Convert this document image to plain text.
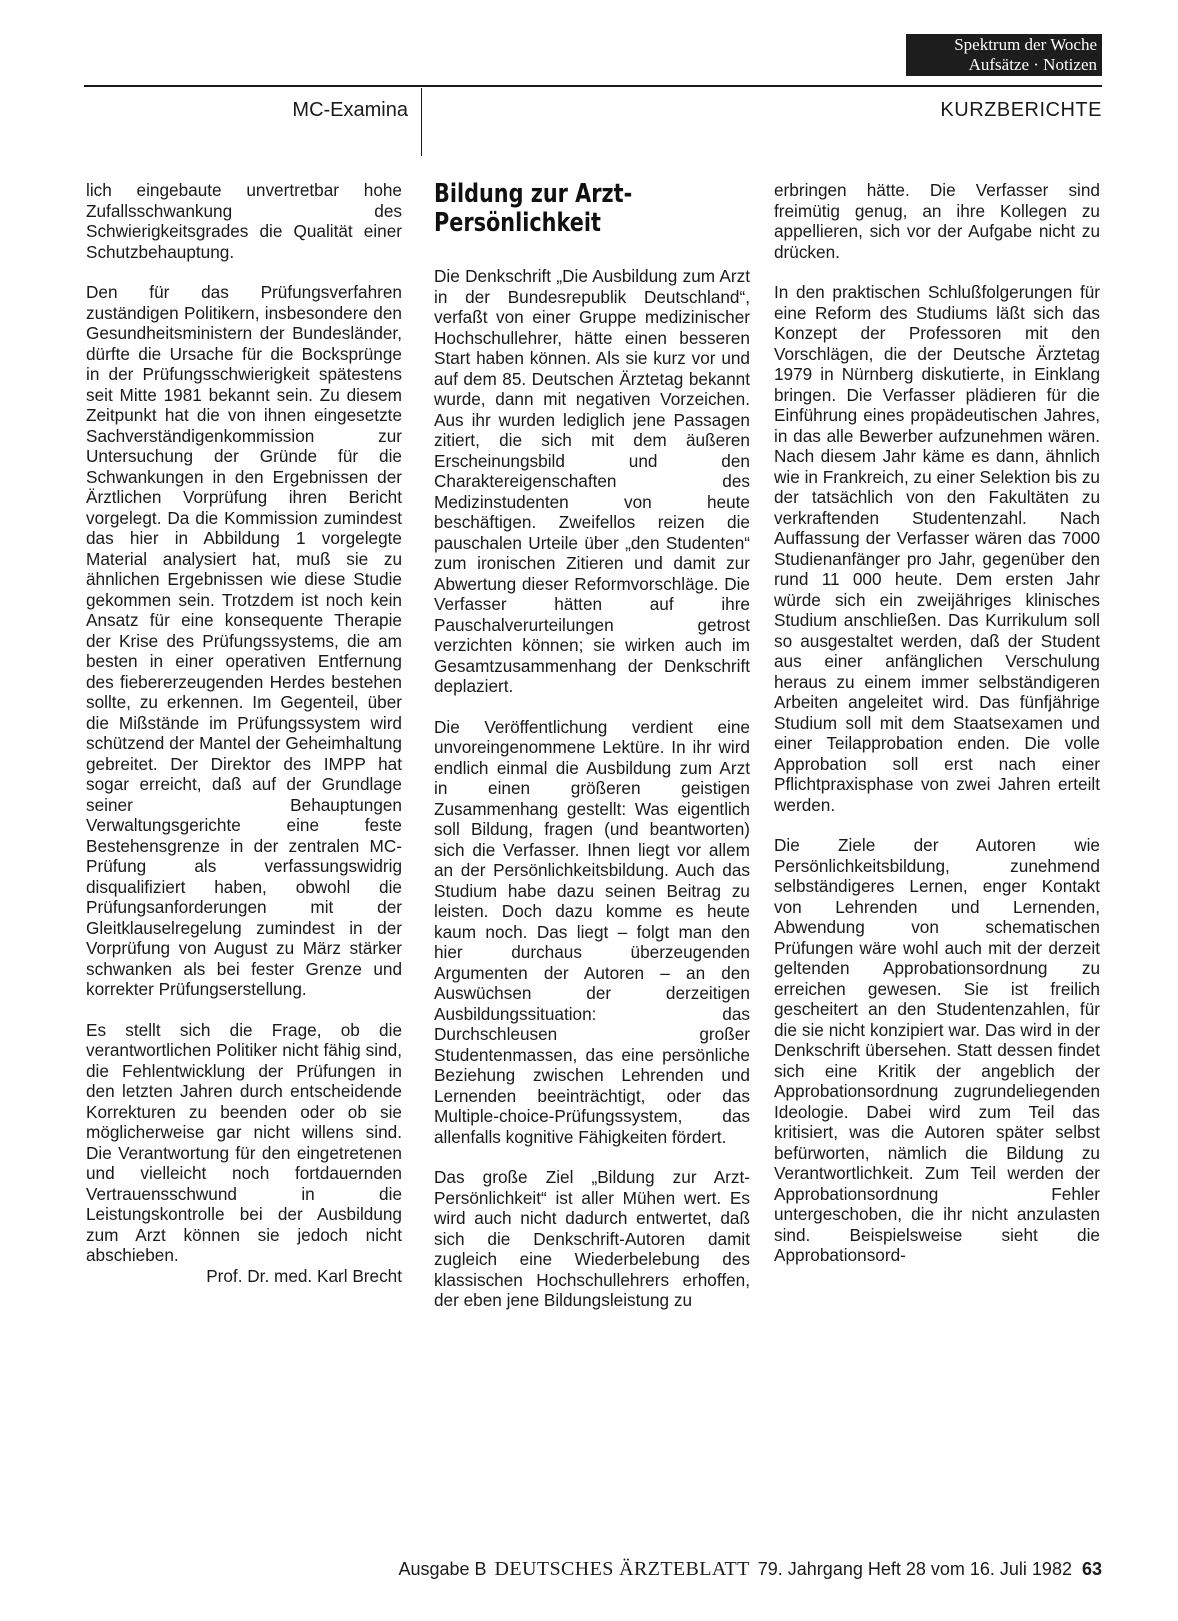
Spektrum der Woche
Aufsätze · Notizen
MC-Examina	KURZBERICHTE

lich eingebaute unvertretbar hohe Zufallsschwankung des Schwierigkeitsgrades die Qualität einer Schutzbehauptung.

Den für das Prüfungsverfahren zuständigen Politikern, insbesondere den Gesundheitsministern der Bundesländer, dürfte die Ursache für die Bocksprünge in der Prüfungsschwierigkeit spätestens seit Mitte 1981 bekannt sein. Zu diesem Zeitpunkt hat die von ihnen eingesetzte Sachverständigenkommission zur Untersuchung der Gründe für die Schwankungen in den Ergebnissen der Ärztlichen Vorprüfung ihren Bericht vorgelegt. Da die Kommission zumindest das hier in Abbildung 1 vorgelegte Material analysiert hat, muß sie zu ähnlichen Ergebnissen wie diese Studie gekommen sein. Trotzdem ist noch kein Ansatz für eine konsequente Therapie der Krise des Prüfungssystems, die am besten in einer operativen Entfernung des fiebererzeugenden Herdes bestehen sollte, zu erkennen. Im Gegenteil, über die Mißstände im Prüfungssystem wird schützend der Mantel der Geheimhaltung gebreitet. Der Direktor des IMPP hat sogar erreicht, daß auf der Grundlage seiner Behauptungen Verwaltungsgerichte eine feste Bestehensgrenze in der zentralen MC-Prüfung als verfassungswidrig disqualifiziert haben, obwohl die Prüfungsanforderungen mit der Gleitklauselregelung zumindest in der Vorprüfung von August zu März stärker schwanken als bei fester Grenze und korrekter Prüfungserstellung.

Es stellt sich die Frage, ob die verantwortlichen Politiker nicht fähig sind, die Fehlentwicklung der Prüfungen in den letzten Jahren durch entscheidende Korrekturen zu beenden oder ob sie möglicherweise gar nicht willens sind. Die Verantwortung für den eingetretenen und vielleicht noch fortdauernden Vertrauensschwund in die Leistungskontrolle bei der Ausbildung zum Arzt können sie jedoch nicht abschieben.

Prof. Dr. med. Karl Brecht

Bildung zur Arzt-Persönlichkeit

Die Denkschrift „Die Ausbildung zum Arzt in der Bundesrepublik Deutschland“, verfaßt von einer Gruppe medizinischer Hochschullehrer, hätte einen besseren Start haben können. Als sie kurz vor und auf dem 85. Deutschen Ärztetag bekannt wurde, dann mit negativen Vorzeichen. Aus ihr wurden lediglich jene Passagen zitiert, die sich mit dem äußeren Erscheinungsbild und den Charaktereigenschaften des Medizinstudenten von heute beschäftigen. Zweifellos reizen die pauschalen Urteile über „den Studenten“ zum ironischen Zitieren und damit zur Abwertung dieser Reformvorschläge. Die Verfasser hätten auf ihre Pauschalverurteilungen getrost verzichten können; sie wirken auch im Gesamtzusammenhang der Denkschrift deplaziert.

Die Veröffentlichung verdient eine unvoreingenommene Lektüre. In ihr wird endlich einmal die Ausbildung zum Arzt in einen größeren geistigen Zusammenhang gestellt: Was eigentlich soll Bildung, fragen (und beantworten) sich die Verfasser. Ihnen liegt vor allem an der Persönlichkeitsbildung. Auch das Studium habe dazu seinen Beitrag zu leisten. Doch dazu komme es heute kaum noch. Das liegt – folgt man den hier durchaus überzeugenden Argumenten der Autoren – an den Auswüchsen der derzeitigen Ausbildungssituation: das Durchschleusen großer Studentenmassen, das eine persönliche Beziehung zwischen Lehrenden und Lernenden beeinträchtigt, oder das Multiple-choice-Prüfungssystem, das allenfalls kognitive Fähigkeiten fördert.

Das große Ziel „Bildung zur Arzt-Persönlichkeit“ ist aller Mühen wert. Es wird auch nicht dadurch entwertet, daß sich die Denkschrift-Autoren damit zugleich eine Wiederbelebung des klassischen Hochschullehrers erhoffen, der eben jene Bildungsleistung zu

erbringen hätte. Die Verfasser sind freimütig genug, an ihre Kollegen zu appellieren, sich vor der Aufgabe nicht zu drücken.

In den praktischen Schlußfolgerungen für eine Reform des Studiums läßt sich das Konzept der Professoren mit den Vorschlägen, die der Deutsche Ärztetag 1979 in Nürnberg diskutierte, in Einklang bringen. Die Verfasser plädieren für die Einführung eines propädeutischen Jahres, in das alle Bewerber aufzunehmen wären. Nach diesem Jahr käme es dann, ähnlich wie in Frankreich, zu einer Selektion bis zu der tatsächlich von den Fakultäten zu verkraftenden Studentenzahl. Nach Auffassung der Verfasser wären das 7000 Studienanfänger pro Jahr, gegenüber den rund 11 000 heute. Dem ersten Jahr würde sich ein zweijähriges klinisches Studium anschließen. Das Kurrikulum soll so ausgestaltet werden, daß der Student aus einer anfänglichen Verschulung heraus zu einem immer selbständigeren Arbeiten angeleitet wird. Das fünfjährige Studium soll mit dem Staatsexamen und einer Teilapprobation enden. Die volle Approbation soll erst nach einer Pflichtpraxisphase von zwei Jahren erteilt werden.

Die Ziele der Autoren wie Persönlichkeitsbildung, zunehmend selbständigeres Lernen, enger Kontakt von Lehrenden und Lernenden, Abwendung von schematischen Prüfungen wäre wohl auch mit der derzeit geltenden Approbationsordnung zu erreichen gewesen. Sie ist freilich gescheitert an den Studentenzahlen, für die sie nicht konzipiert war. Das wird in der Denkschrift übersehen. Statt dessen findet sich eine Kritik der angeblich der Approbationsordnung zugrundeliegenden Ideologie. Dabei wird zum Teil das kritisiert, was die Autoren später selbst befürworten, nämlich die Bildung zu Verantwortlichkeit. Zum Teil werden der Approbationsordnung Fehler untergeschoben, die ihr nicht anzulasten sind. Beispielsweise sieht die Approbationsord-

Ausgabe B DEUTSCHES ÄRZTEBLATT 79. Jahrgang Heft 28 vom 16. Juli 1982 63
